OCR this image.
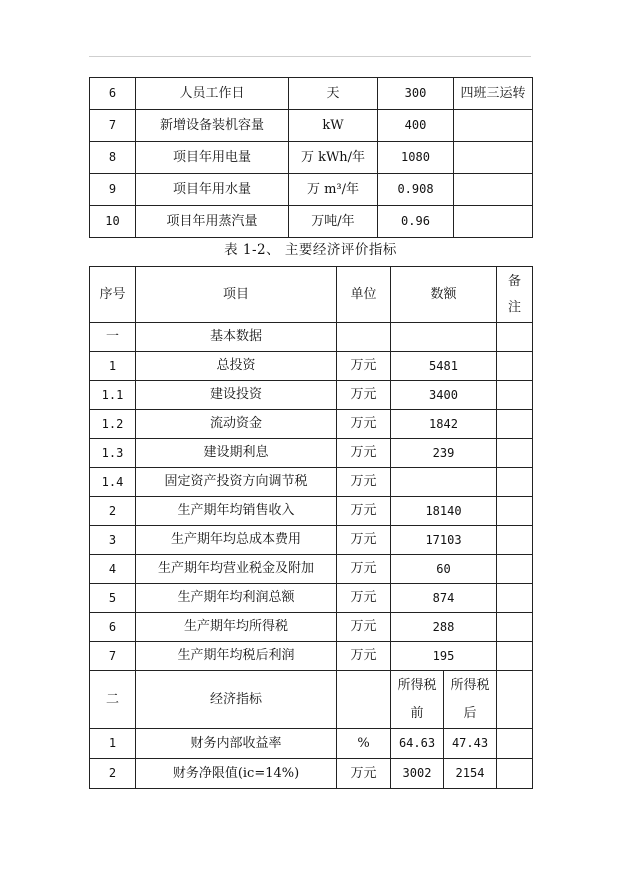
6	人员工作日	天	300	四班三运转
7	新增设备装机容量	kW	400	
8	项目年用电量	万 kWh/年	1080	
9	项目年用水量	万 m³/年	0.908	
10	项目年用蒸汽量	万吨/年	0.96	
表 1-2、 主要经济评价指标
序号	项目	单位	数额		备注
一	基本数据				
1	总投资	万元	5481		
1.1	建设投资	万元	3400		
1.2	流动资金	万元	1842		
1.3	建设期利息	万元	239		
1.4	固定资产投资方向调节税	万元			
2	生产期年均销售收入	万元	18140		
3	生产期年均总成本费用	万元	17103		
4	生产期年均营业税金及附加	万元	60		
5	生产期年均利润总额	万元	874		
6	生产期年均所得税	万元	288		
7	生产期年均税后利润	万元	195		
二	经济指标		所得税前	所得税后	
1	财务内部收益率	%	64.63	47.43	
2	财务净限值(ic=14%)	万元	3002	2154	
